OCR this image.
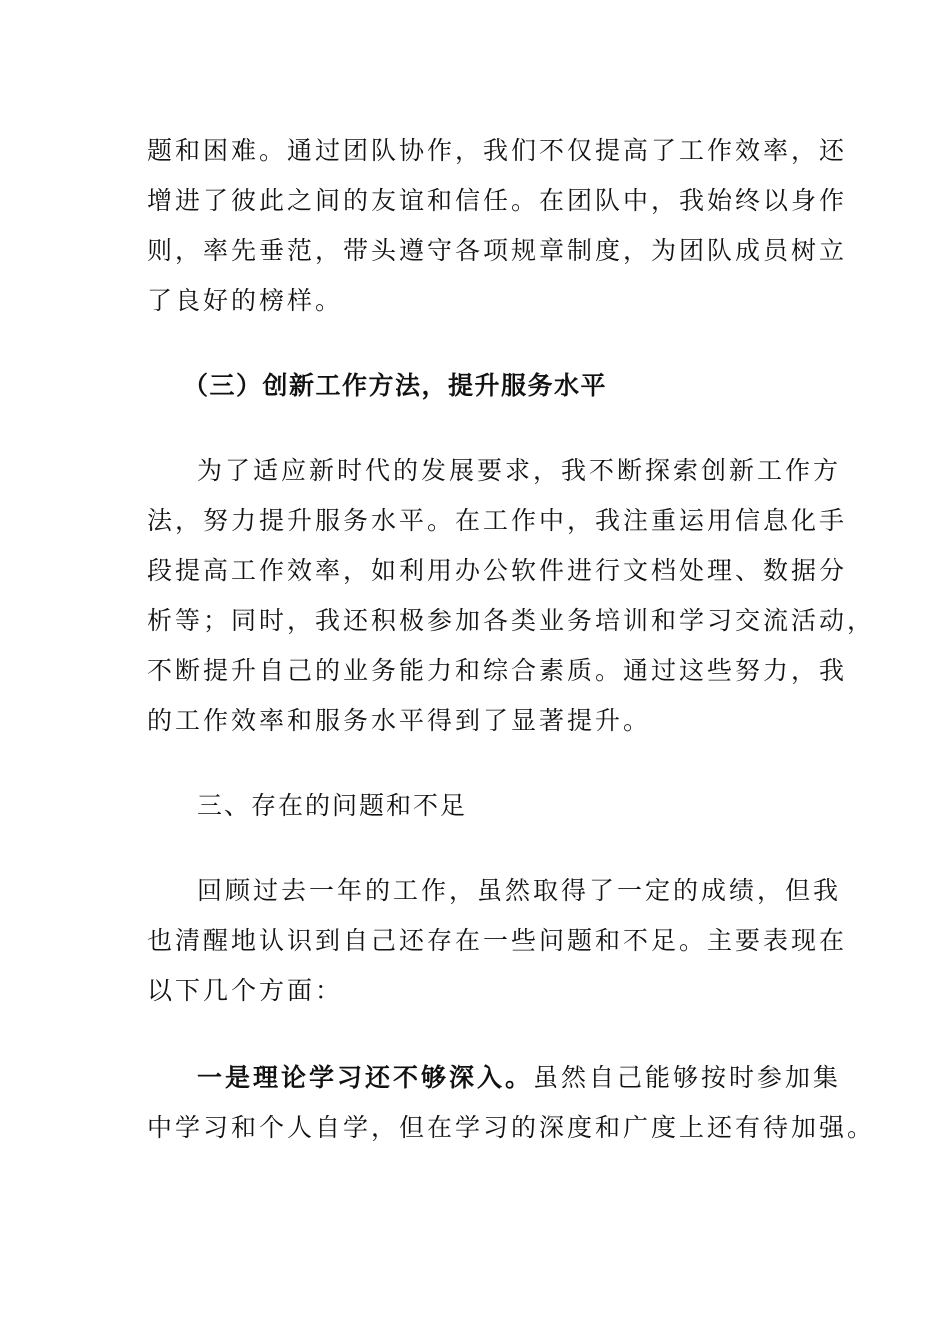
题和困难。通过团队协作，我们不仅提高了工作效率，还
增进了彼此之间的友谊和信任。在团队中，我始终以身作
则，率先垂范，带头遵守各项规章制度，为团队成员树立
了良好的榜样。
（三）创新工作方法，提升服务水平
为了适应新时代的发展要求，我不断探索创新工作方
法，努力提升服务水平。在工作中，我注重运用信息化手
段提高工作效率，如利用办公软件进行文档处理、数据分
析等；同时，我还积极参加各类业务培训和学习交流活动，
不断提升自己的业务能力和综合素质。通过这些努力，我
的工作效率和服务水平得到了显著提升。
三、存在的问题和不足
回顾过去一年的工作，虽然取得了一定的成绩，但我
也清醒地认识到自己还存在一些问题和不足。主要表现在
以下几个方面：
一是理论学习还不够深入。虽然自己能够按时参加集
中学习和个人自学，但在学习的深度和广度上还有待加强。
